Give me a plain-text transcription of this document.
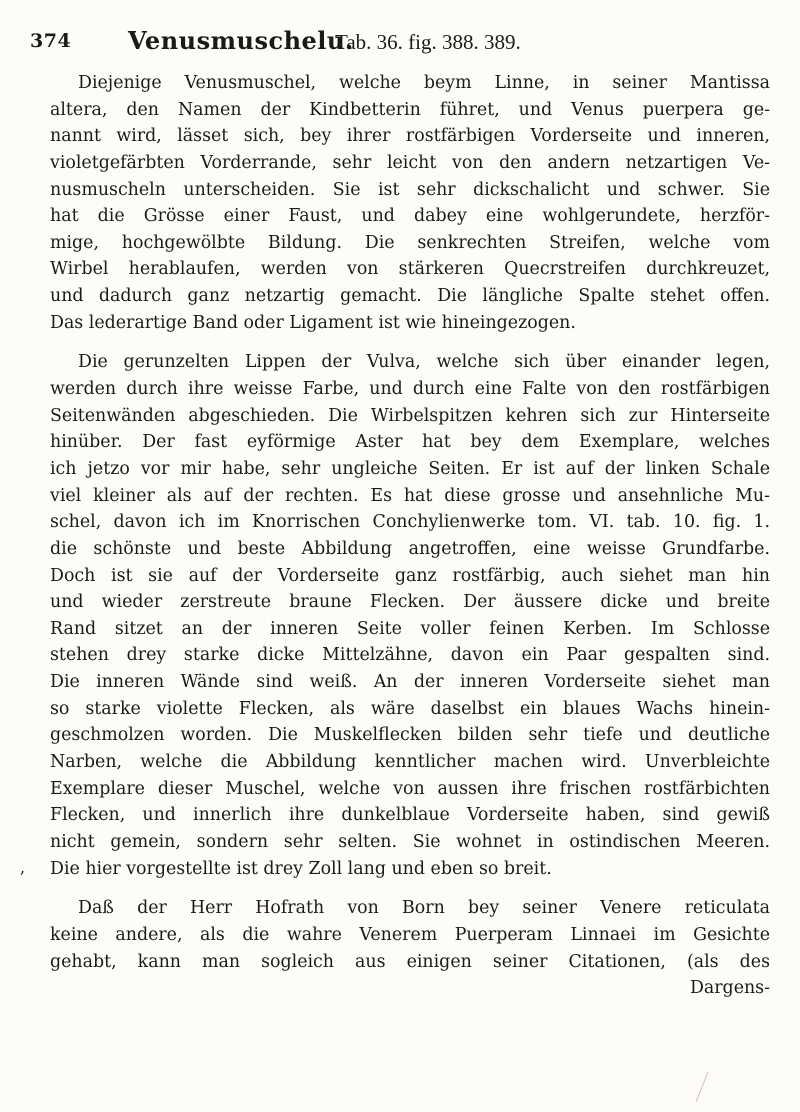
374 Venusmuschelu.
Tab. 36. fig. 388. 389.
,
Diejenige Venusmuschel, welche beym Linne, in seiner Mantissa
altera, den Namen der Kindbetterin führet, und Venus puerpera ge-
nannt wird, lässet sich, bey ihrer rostfärbigen Vorderseite und inneren,
violetgefärbten Vorderrande, sehr leicht von den andern netzartigen Ve-
nusmuscheln unterscheiden. Sie ist sehr dickschalicht und schwer. Sie
hat die Grösse einer Faust, und dabey eine wohlgerundete, herzför-
mige, hochgewölbte Bildung. Die senkrechten Streifen, welche vom
Wirbel herablaufen, werden von stärkeren Quecrstreifen durchkreuzet,
und dadurch ganz netzartig gemacht. Die längliche Spalte stehet offen.
Das lederartige Band oder Ligament ist wie hineingezogen.
Die gerunzelten Lippen der Vulva, welche sich über einander legen,
werden durch ihre weisse Farbe, und durch eine Falte von den rostfärbigen
Seitenwänden abgeschieden. Die Wirbelspitzen kehren sich zur Hinterseite
hinüber. Der fast eyförmige Aster hat bey dem Exemplare, welches
ich jetzo vor mir habe, sehr ungleiche Seiten. Er ist auf der linken Schale
viel kleiner als auf der rechten. Es hat diese grosse und ansehnliche Mu-
schel, davon ich im Knorrischen Conchylienwerke tom. VI. tab. 10. fig. 1.
die schönste und beste Abbildung angetroffen, eine weisse Grundfarbe.
Doch ist sie auf der Vorderseite ganz rostfärbig, auch siehet man hin
und wieder zerstreute braune Flecken. Der äussere dicke und breite
Rand sitzet an der inneren Seite voller feinen Kerben. Im Schlosse
stehen drey starke dicke Mittelzähne, davon ein Paar gespalten sind.
Die inneren Wände sind weiß. An der inneren Vorderseite siehet man
so starke violette Flecken, als wäre daselbst ein blaues Wachs hinein-
geschmolzen worden. Die Muskelflecken bilden sehr tiefe und deutliche
Narben, welche die Abbildung kenntlicher machen wird. Unverbleichte
Exemplare dieser Muschel, welche von aussen ihre frischen rostfärbichten
Flecken, und innerlich ihre dunkelblaue Vorderseite haben, sind gewiß
nicht gemein, sondern sehr selten. Sie wohnet in ostindischen Meeren.
Die hier vorgestellte ist drey Zoll lang und eben so breit.
Daß der Herr Hofrath von Born bey seiner Venere reticulata
keine andere, als die wahre Venerem Puerperam Linnaei im Gesichte
gehabt, kann man sogleich aus einigen seiner Citationen, (als des
Dargens-
